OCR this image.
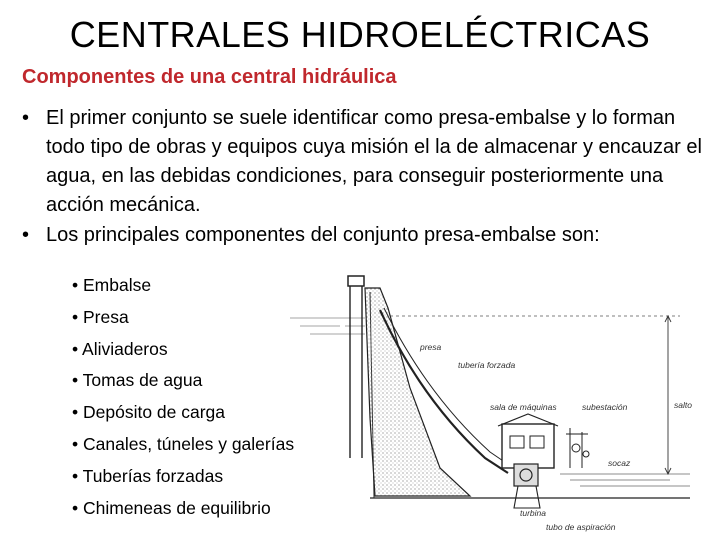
CENTRALES HIDROELÉCTRICAS
Componentes de una central hidráulica
• El primer conjunto se suele identificar como presa-embalse y lo forman todo tipo de obras y equipos cuya misión el la de almacenar y encauzar el agua, en las debidas condiciones, para conseguir posteriormente una acción mecánica.
• Los principales componentes del conjunto presa-embalse son:
• Embalse
• Presa
• Aliviaderos
• Tomas de agua
• Depósito de carga
• Canales, túneles y galerías
• Tuberías forzadas
• Chimeneas de equilibrio
presa
tubería forzada
sala de máquinas	subestación	salto
socaz
turbina
tubo de aspiración
